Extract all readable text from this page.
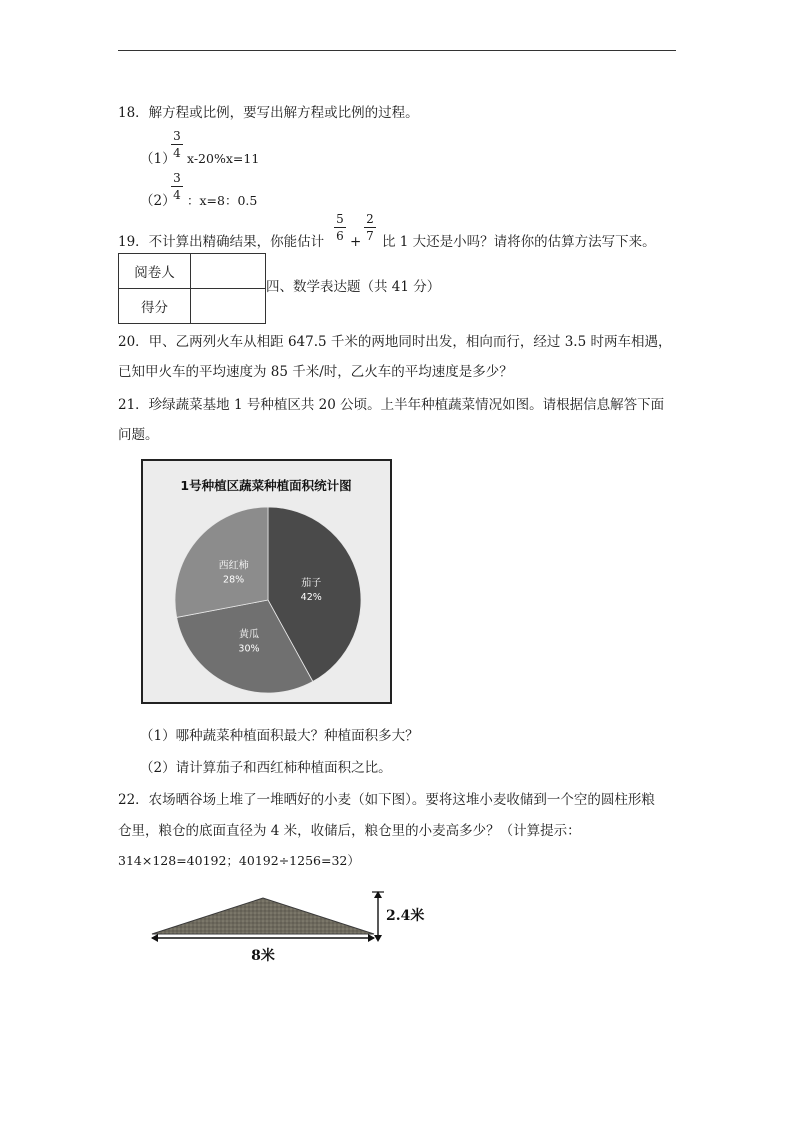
18．解方程或比例，要写出解方程或比例的过程。
3
4
（1） x-20%x=11
3
4
（2） ：x=8：0.5
19．不计算出精确结果，你能估计
5
6 +
2
7 比 1 大还是小吗？请将你的估算方法写下来。
阅卷人	
得分	
四、数学表达题（共 41 分）
20．甲、乙两列火车从相距 647.5 千米的两地同时出发，相向而行，经过 3.5 时两车相遇，
已知甲火车的平均速度为 85 千米/时，乙火车的平均速度是多少？
21．珍绿蔬菜基地 1 号种植区共 20 公顷。上半年种植蔬菜情况如图。请根据信息解答下面
问题。
1号种植区蔬菜种植面积统计图
茄子
42%
黄瓜
30%
西红柿
28%
（1）哪种蔬菜种植面积最大？种植面积多大？
（2）请计算茄子和西红柿种植面积之比。
22．农场晒谷场上堆了一堆晒好的小麦（如下图）。要将这堆小麦收储到一个空的圆柱形粮
仓里，粮仓的底面直径为 4 米，收储后，粮仓里的小麦高多少？（计算提示：
314×128=40192；40192÷1256=32）
2.4米
8米
